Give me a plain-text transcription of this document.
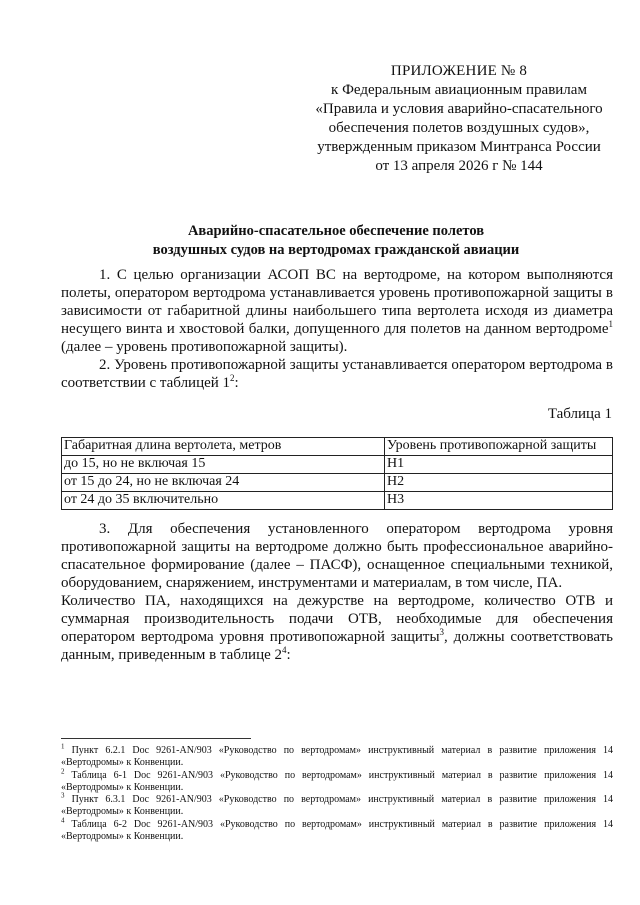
ПРИЛОЖЕНИЕ № 8
к Федеральным авиационным правилам
«Правила и условия аварийно-спасательного
обеспечения полетов воздушных судов»,
утвержденным приказом Минтранса России
от 13 апреля 2026 г № 144
Аварийно-спасательное обеспечение полетов
воздушных судов на вертодромах гражданской авиации
1. С целью организации АСОП ВС на вертодроме, на котором выполняются полеты, оператором вертодрома устанавливается уровень противопожарной защиты в зависимости от габаритной длины наибольшего типа вертолета исходя из диаметра несущего винта и хвостовой балки, допущенного для полетов на данном вертодроме$^1$ (далее – уровень противопожарной защиты).
2. Уровень противопожарной защиты устанавливается оператором вертодрома в соответствии с таблицей $1^2$:
Таблица 1
Габаритная длина вертолета, метров	Уровень противопожарной защиты
до 15, но не включая 15	H1
от 15 до 24, но не включая 24	H2
от 24 до 35 включительно	H3
3. Для обеспечения установленного оператором вертодрома уровня противопожарной защиты на вертодроме должно быть профессиональное аварийно-спасательное формирование (далее – ПАСФ), оснащенное специальными техникой, оборудованием, снаряжением, инструментами и материалам, в том числе, ПА.
Количество ПА, находящихся на дежурстве на вертодроме, количество ОТВ и суммарная производительность подачи ОТВ, необходимые для обеспечения оператором вертодрома уровня противопожарной защиты$^3$, должны соответствовать данным, приведенным в таблице $2^4$:
$^1$ Пункт 6.2.1 Doc 9261-AN/903 «Руководство по вертодромам» инструктивный материал в развитие приложения 14 «Вертодромы» к Конвенции.
$^2$ Таблица 6-1 Doc 9261-AN/903 «Руководство по вертодромам» инструктивный материал в развитие приложения 14 «Вертодромы» к Конвенции.
$^3$ Пункт 6.3.1 Doc 9261-AN/903 «Руководство по вертодромам» инструктивный материал в развитие приложения 14 «Вертодромы» к Конвенции.
$^4$ Таблица 6-2 Doc 9261-AN/903 «Руководство по вертодромам» инструктивный материал в развитие приложения 14 «Вертодромы» к Конвенции.
